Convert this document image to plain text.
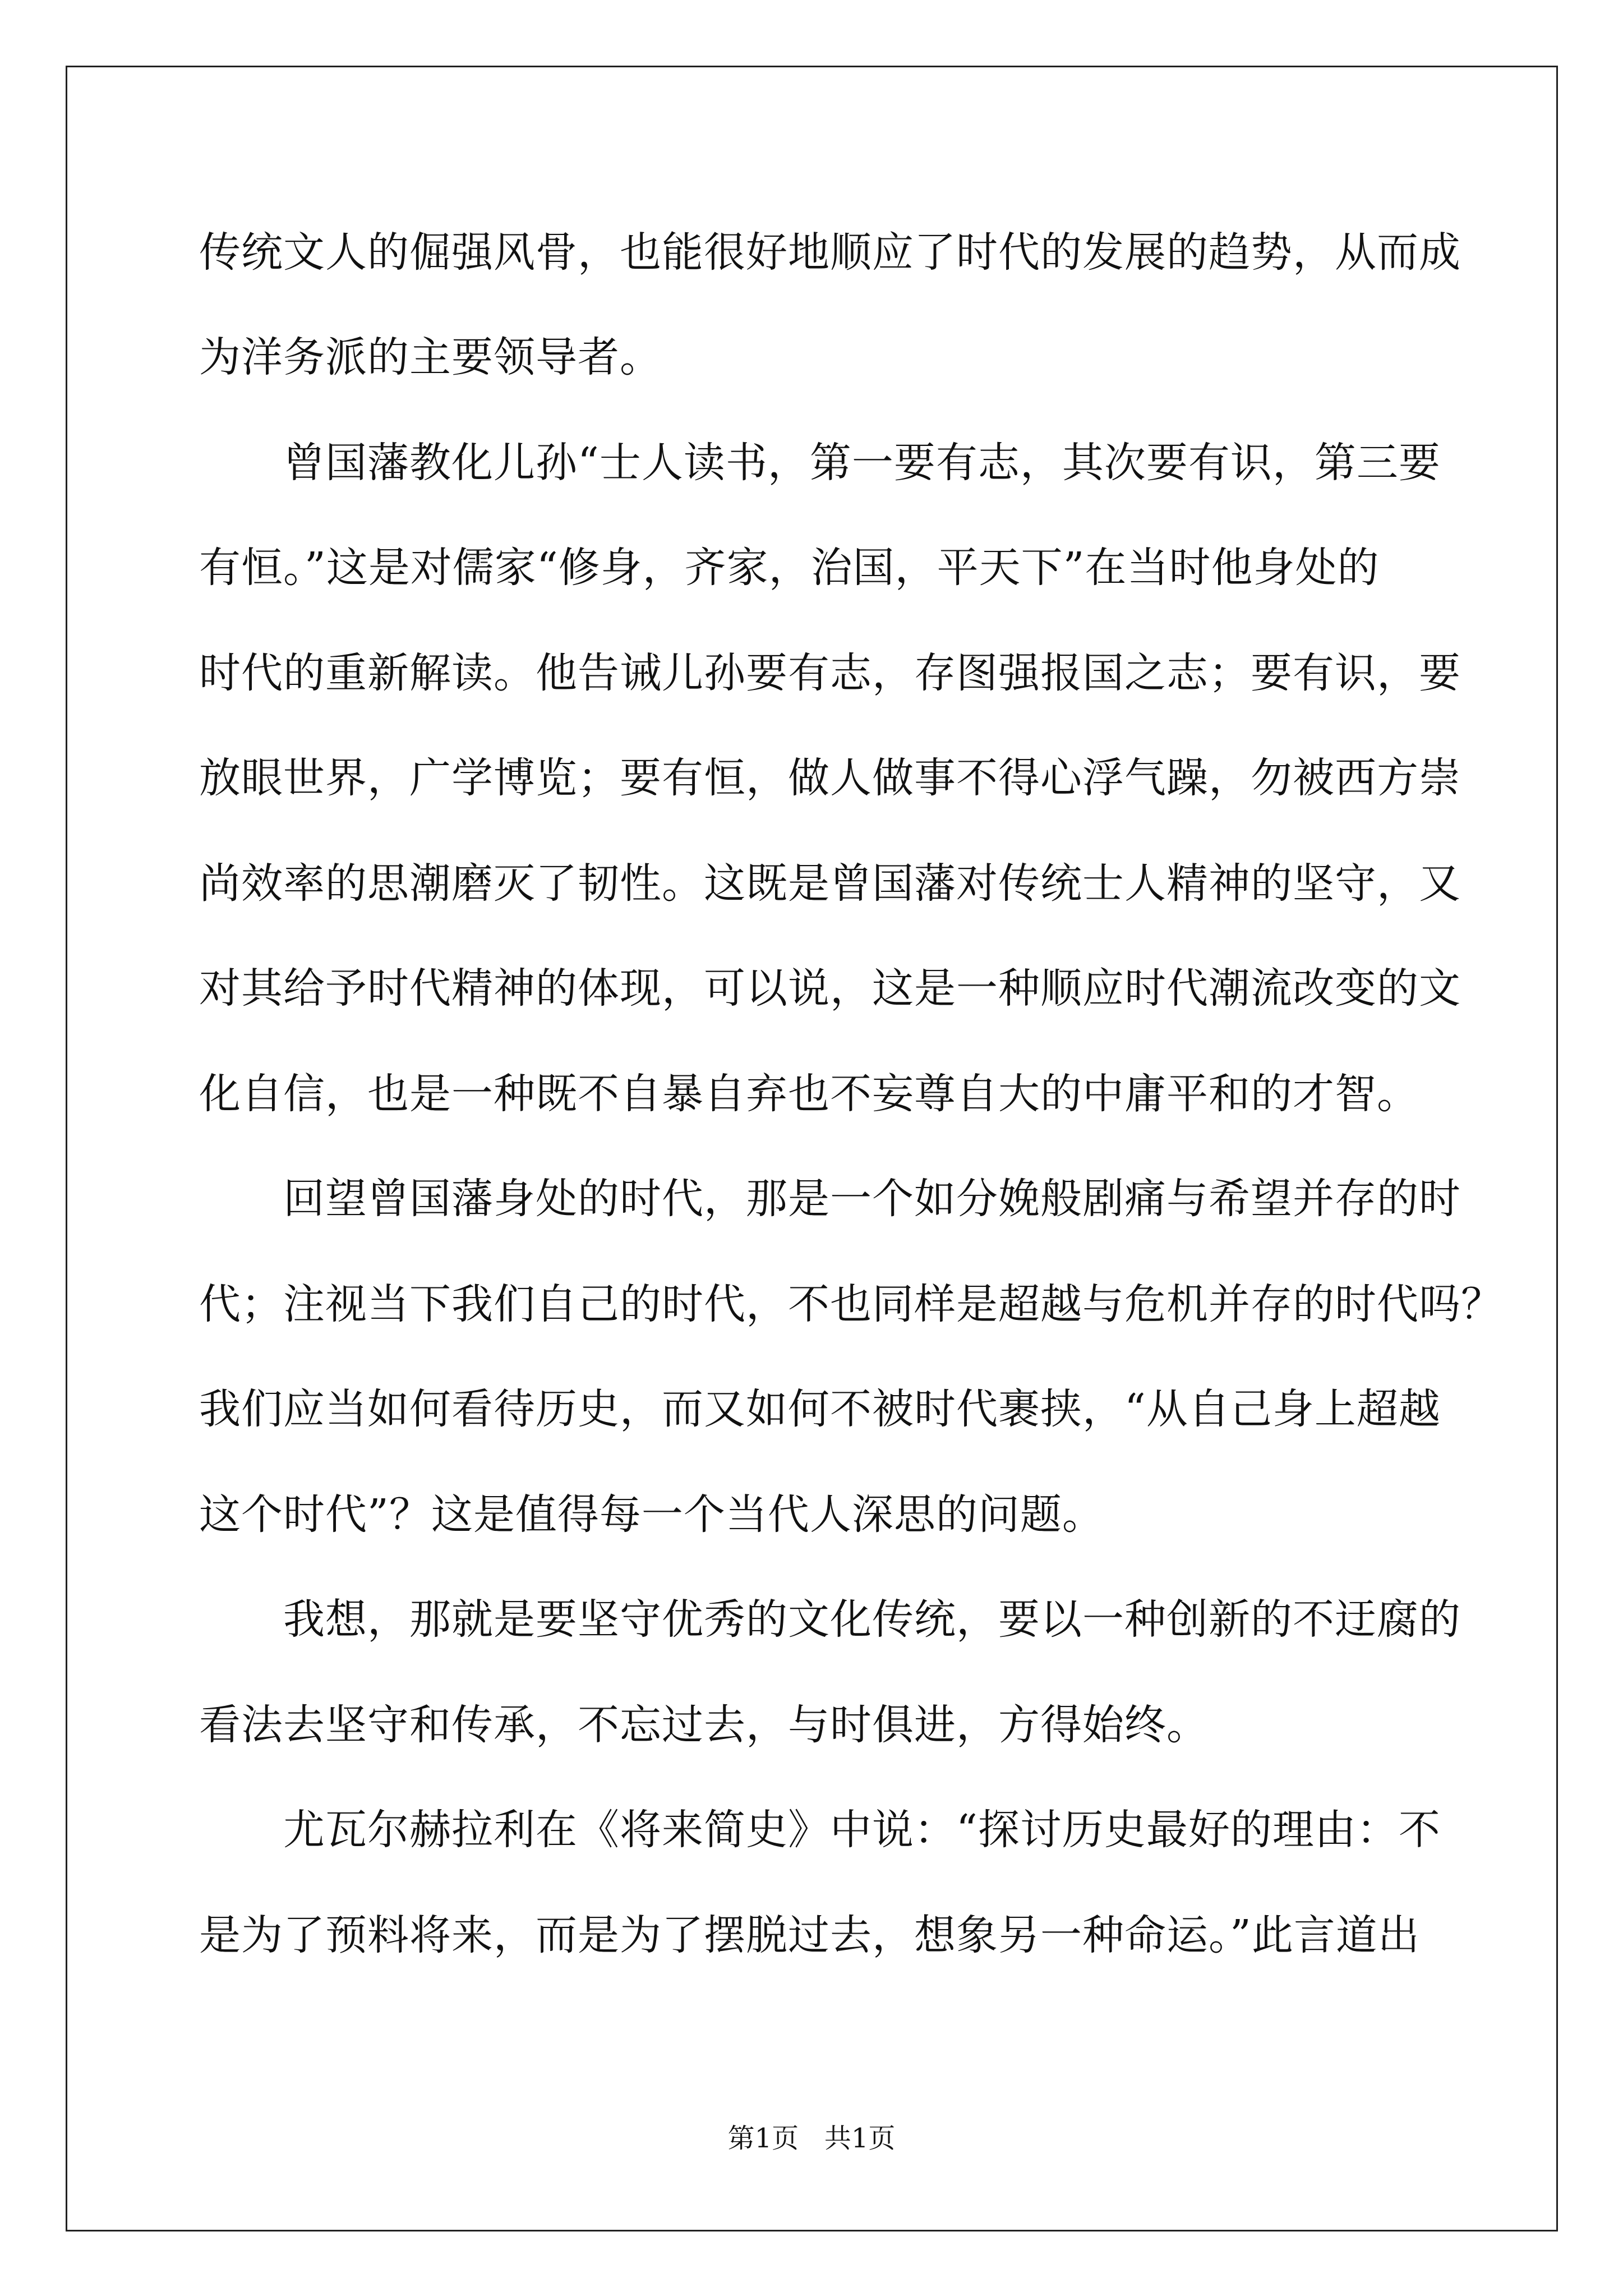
传统文人的倔强风骨，也能很好地顺应了时代的发展的趋势，从而成
为洋务派的主要领导者。
曾国藩教化儿孙“士人读书，第一要有志，其次要有识，第三要
有恒。”这是对儒家“修身，齐家，治国，平天下”在当时他身处的
时代的重新解读。他告诫儿孙要有志，存图强报国之志；要有识，要
放眼世界，广学博览；要有恒，做人做事不得心浮气躁，勿被西方崇
尚效率的思潮磨灭了韧性。这既是曾国藩对传统士人精神的坚守，又
对其给予时代精神的体现，可以说，这是一种顺应时代潮流改变的文
化自信，也是一种既不自暴自弃也不妄尊自大的中庸平和的才智。
回望曾国藩身处的时代，那是一个如分娩般剧痛与希望并存的时
代；注视当下我们自己的时代，不也同样是超越与危机并存的时代吗？
我们应当如何看待历史，而又如何不被时代裹挟，“从自己身上超越
这个时代”？这是值得每一个当代人深思的问题。
我想，那就是要坚守优秀的文化传统，要以一种创新的不迂腐的
看法去坚守和传承，不忘过去，与时俱进，方得始终。
尤瓦尔赫拉利在《将来简史》中说：“探讨历史最好的理由：不
是为了预料将来，而是为了摆脱过去，想象另一种命运。”此言道出
第1页   共1页
